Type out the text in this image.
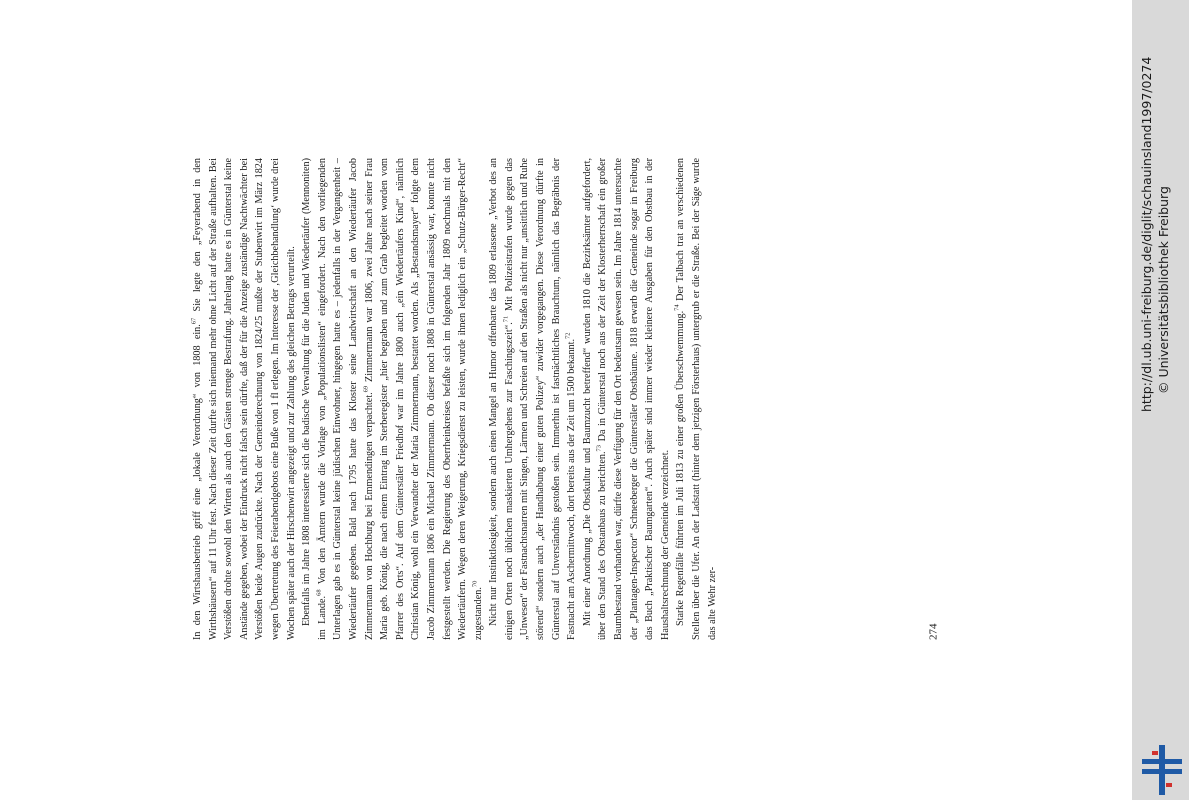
In den Wirtshausbetrieb griff eine „lokale Verordnung“ von 1808 ein.$^{67}$ Sie legte den „Feyerabend in den Wirthshäusern“ auf 11 Uhr fest. Nach dieser Zeit durfte sich niemand mehr ohne Licht auf der Straße aufhalten. Bei Verstößen drohte sowohl den Wirten als auch den Gästen strenge Bestrafung. Jahrelang hatte es in Günterstal keine Anstände gegeben, wobei der Eindruck nicht falsch sein dürfte, daß der für die Anzeige zuständige Nachtwächter bei Verstößen beide Augen zudrückte. Nach der Gemeinderechnung von 1824/25 mußte der Stubenwirt im März 1824 wegen Übertretung des Feierabendgebots eine Buße von 1 fl erlegen. Im Interesse der ‚Gleichbehandlung‘ wurde drei Wochen später auch der Hirschenwirt angezeigt und zur Zahlung des gleichen Betrags verurteilt. Ebenfalls im Jahre 1808 interessierte sich die badische Verwaltung für die Juden und Wiedertäufer (Mennoniten) im Lande.$^{68}$ Von den Ämtern wurde die Vorlage von „Populationslisten“ eingefordert. Nach den vorliegenden Unterlagen gab es in Günterstal keine jüdischen Einwohner, hingegen hatte es – jedenfalls in der Vergangenheit – Wiedertäufer gegeben. Bald nach 1795 hatte das Kloster seine Landwirtschaft an den Wiedertäufer Jacob Zimmermann von Hochburg bei Emmendingen verpachtet.$^{69}$ Zimmermann war 1806, zwei Jahre nach seiner Frau Maria geb. König, die nach einem Eintrag im Sterberegister „hier begraben und zum Grab begleitet worden vom Pfarrer des Orts“. Auf dem Günterstäler Friedhof war im Jahre 1800 auch „ein Wiedertäufers Kind“, nämlich Christian König, wohl ein Verwandter der Maria Zimmermann, bestattet worden. Als „Bestandsmayer“ folgte dem Jacob Zimmermann 1806 ein Michael Zimmermann. Ob dieser noch 1808 in Günterstal ansässig war, konnte nicht festgestellt werden. Die Regierung des Oberrheinkreises befaßte sich im folgenden Jahr 1809 nochmals mit den Wiedertäufern. Wegen deren Weigerung, Kriegsdienst zu leisten, wurde ihnen lediglich ein „Schutz-Bürger-Recht“ zugestanden.$^{70}$ Nicht nur Instinktlosigkeit, sondern auch einen Mangel an Humor offenbarte das 1809 erlassene „Verbot des an einigen Orten noch üblichen maskierten Umhergehens zur Faschingszeit“.$^{71}$ Mit Polizeistrafen wurde gegen das „Unwesen“ der Fastnachtsnarren mit Singen, Lärmen und Schreien auf den Straßen als nicht nur „unsittlich und Ruhe störend“ sondern auch „der Handhabung einer guten Polizey“ zuwider vorgegangen. Diese Verordnung dürfte in Günterstal auf Unverständnis gestoßen sein. Immerhin ist fastnächtliches Brauchtum, nämlich das Begräbnis der Fastnacht am Aschermittwoch, dort bereits aus der Zeit um 1500 bekannt.$^{72}$ Mit einer Anordnung „Die Obstkultur und Baumzucht betreffend“ wurden 1810 die Bezirksämter aufgefordert, über den Stand des Obstanbaus zu berichten.$^{73}$ Da in Günterstal noch aus der Zeit der Klosterherrschaft ein großer Baumbestand vorhanden war, dürfte diese Verfügung für den Ort bedeutsam gewesen sein. Im Jahre 1814 untersuchte der „Plantagen-Inspector“ Schneeberger die Günterstäler Obstbäume. 1818 erwarb die Gemeinde sogar in Freiburg das Buch „Praktischer Baumgarten“. Auch später sind immer wieder kleinere Ausgaben für den Obstbau in der Haushaltsrechnung der Gemeinde verzeichnet. Starke Regenfälle führten im Juli 1813 zu einer großen Überschwemmung.$^{74}$ Der Talbach trat an verschiedenen Stellen über die Ufer. An der Ladstatt (hinter dem jetzigen Försterhaus) untergrub er die Straße. Bei der Säge wurde das alte Wehr zer-	274
http://dl.ub.uni-freiburg.de/diglit/schauinsland1997/0274 © Universitätsbibliothek Freiburg
